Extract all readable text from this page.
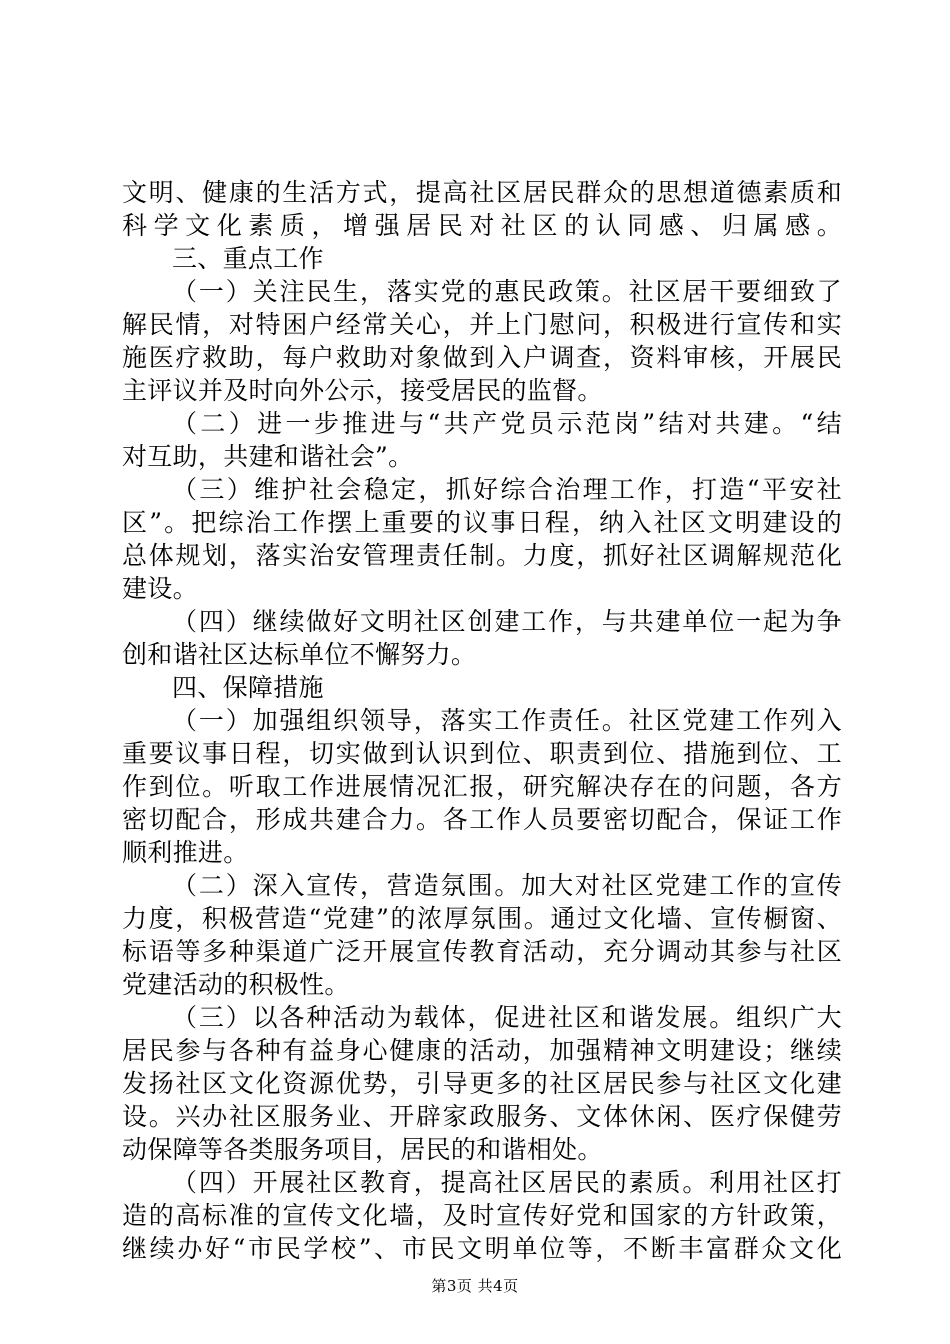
文明、健康的生活方式，提高社区居民群众的思想道德素质和
科学文化素质，增强居民对社区的认同感、归属感。
三、重点工作
（一）关注民生，落实党的惠民政策。社区居干要细致了
解民情，对特困户经常关心，并上门慰问，积极进行宣传和实
施医疗救助，每户救助对象做到入户调查，资料审核，开展民
主评议并及时向外公示，接受居民的监督。
（二）进一步推进与“共产党员示范岗”结对共建。“结
对互助，共建和谐社会”。
（三）维护社会稳定，抓好综合治理工作，打造“平安社
区”。把综治工作摆上重要的议事日程，纳入社区文明建设的
总体规划，落实治安管理责任制。力度，抓好社区调解规范化
建设。
（四）继续做好文明社区创建工作，与共建单位一起为争
创和谐社区达标单位不懈努力。
四、保障措施
（一）加强组织领导，落实工作责任。社区党建工作列入
重要议事日程，切实做到认识到位、职责到位、措施到位、工
作到位。听取工作进展情况汇报，研究解决存在的问题，各方
密切配合，形成共建合力。各工作人员要密切配合，保证工作
顺利推进。
（二）深入宣传，营造氛围。加大对社区党建工作的宣传
力度，积极营造“党建”的浓厚氛围。通过文化墙、宣传橱窗、
标语等多种渠道广泛开展宣传教育活动，充分调动其参与社区
党建活动的积极性。
（三）以各种活动为载体，促进社区和谐发展。组织广大
居民参与各种有益身心健康的活动，加强精神文明建设；继续
发扬社区文化资源优势，引导更多的社区居民参与社区文化建
设。兴办社区服务业、开辟家政服务、文体休闲、医疗保健劳
动保障等各类服务项目，居民的和谐相处。
（四）开展社区教育，提高社区居民的素质。利用社区打
造的高标准的宣传文化墙，及时宣传好党和国家的方针政策，
继续办好“市民学校”、市民文明单位等，不断丰富群众文化
第3页 共4页
